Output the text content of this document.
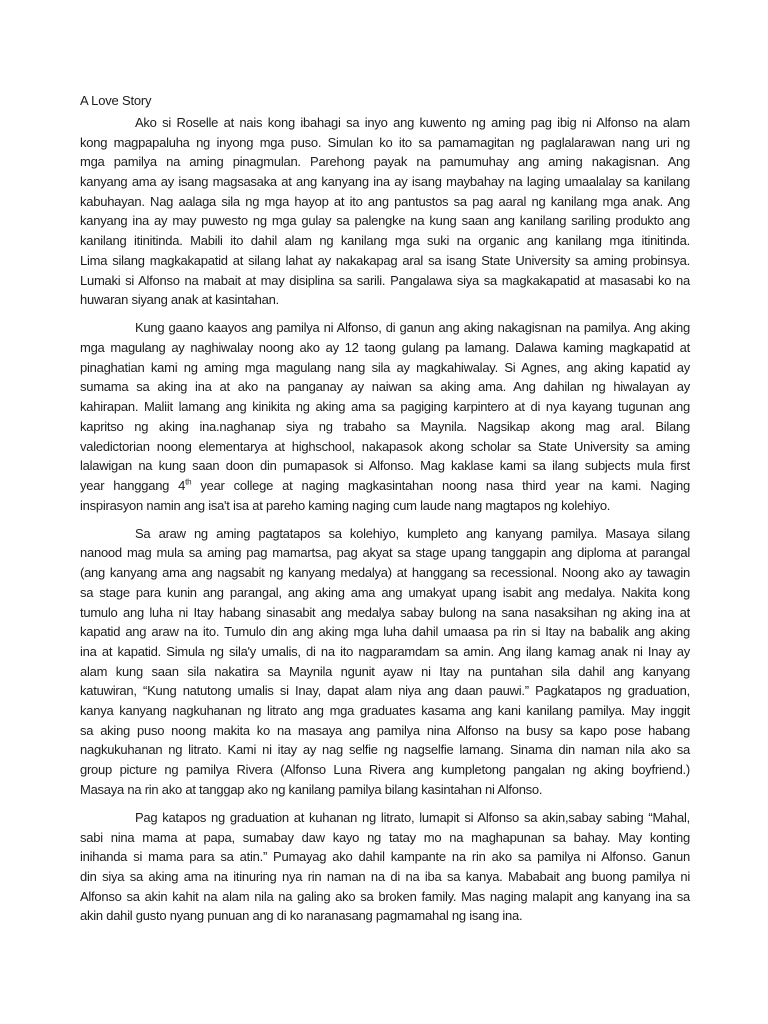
A Love Story
Ako si Roselle at nais kong ibahagi sa inyo ang kuwento ng aming pag ibig ni Alfonso na alam
kong magpapaluha ng inyong mga puso. Simulan ko ito sa pamamagitan ng paglalarawan nang uri ng
mga pamilya na aming pinagmulan. Parehong payak na pamumuhay ang aming nakagisnan. Ang
kanyang ama ay isang magsasaka at ang kanyang ina ay isang maybahay na laging umaalalay sa kanilang
kabuhayan. Nag aalaga sila ng mga hayop at ito ang pantustos sa pag aaral ng kanilang mga anak. Ang
kanyang ina ay may puwesto ng mga gulay sa palengke na kung saan ang kanilang sariling produkto ang
kanilang itinitinda. Mabili ito dahil alam ng kanilang mga suki na organic ang kanilang mga itinitinda.
Lima silang magkakapatid at silang lahat ay nakakapag aral sa isang State University sa aming probinsya.
Lumaki si Alfonso na mabait at may disiplina sa sarili. Pangalawa siya sa magkakapatid at masasabi ko na
huwaran siyang anak at kasintahan.
Kung gaano kaayos ang pamilya ni Alfonso, di ganun ang aking nakagisnan na pamilya. Ang aking
mga magulang ay naghiwalay noong ako ay 12 taong gulang pa lamang. Dalawa kaming magkapatid at
pinaghatian kami ng aming mga magulang nang sila ay magkahiwalay. Si Agnes, ang aking kapatid ay
sumama sa aking ina at ako na panganay ay naiwan sa aking ama. Ang dahilan ng hiwalayan ay
kahirapan. Maliit lamang ang kinikita ng aking ama sa pagiging karpintero at di nya kayang tugunan ang
kapritso ng aking ina.naghanap siya ng trabaho sa Maynila. Nagsikap akong mag aral. Bilang
valedictorian noong elementarya at highschool, nakapasok akong scholar sa State University sa aming
lalawigan na kung saan doon din pumapasok si Alfonso. Mag kaklase kami sa ilang subjects mula first
year hanggang 4th year college at naging magkasintahan noong nasa third year na kami. Naging
inspirasyon namin ang isa't isa at pareho kaming naging cum laude nang magtapos ng kolehiyo.
Sa araw ng aming pagtatapos sa kolehiyo, kumpleto ang kanyang pamilya. Masaya silang
nanood mag mula sa aming pag mamartsa, pag akyat sa stage upang tanggapin ang diploma at parangal
(ang kanyang ama ang nagsabit ng kanyang medalya) at hanggang sa recessional. Noong ako ay tawagin
sa stage para kunin ang parangal, ang aking ama ang umakyat upang isabit ang medalya. Nakita kong
tumulo ang luha ni Itay habang sinasabit ang medalya sabay bulong na sana nasaksihan ng aking ina at
kapatid ang araw na ito. Tumulo din ang aking mga luha dahil umaasa pa rin si Itay na babalik ang aking
ina at kapatid. Simula ng sila'y umalis, di na ito nagparamdam sa amin. Ang ilang kamag anak ni Inay ay
alam kung saan sila nakatira sa Maynila ngunit ayaw ni Itay na puntahan sila dahil ang kanyang
katuwiran, “Kung natutong umalis si Inay, dapat alam niya ang daan pauwi.” Pagkatapos ng graduation,
kanya kanyang nagkuhanan ng litrato ang mga graduates kasama ang kani kanilang pamilya. May inggit
sa aking puso noong makita ko na masaya ang pamilya nina Alfonso na busy sa kapo pose habang
nagkukuhanan ng litrato. Kami ni itay ay nag selfie ng nagselfie lamang. Sinama din naman nila ako sa
group picture ng pamilya Rivera (Alfonso Luna Rivera ang kumpletong pangalan ng aking boyfriend.)
Masaya na rin ako at tanggap ako ng kanilang pamilya bilang kasintahan ni Alfonso.
Pag katapos ng graduation at kuhanan ng litrato, lumapit si Alfonso sa akin,sabay sabing “Mahal,
sabi nina mama at papa, sumabay daw kayo ng tatay mo na maghapunan sa bahay. May konting
inihanda si mama para sa atin.” Pumayag ako dahil kampante na rin ako sa pamilya ni Alfonso. Ganun
din siya sa aking ama na itinuring nya rin naman na di na iba sa kanya. Mababait ang buong pamilya ni
Alfonso sa akin kahit na alam nila na galing ako sa broken family. Mas naging malapit ang kanyang ina sa
akin dahil gusto nyang punuan ang di ko naranasang pagmamahal ng isang ina.
